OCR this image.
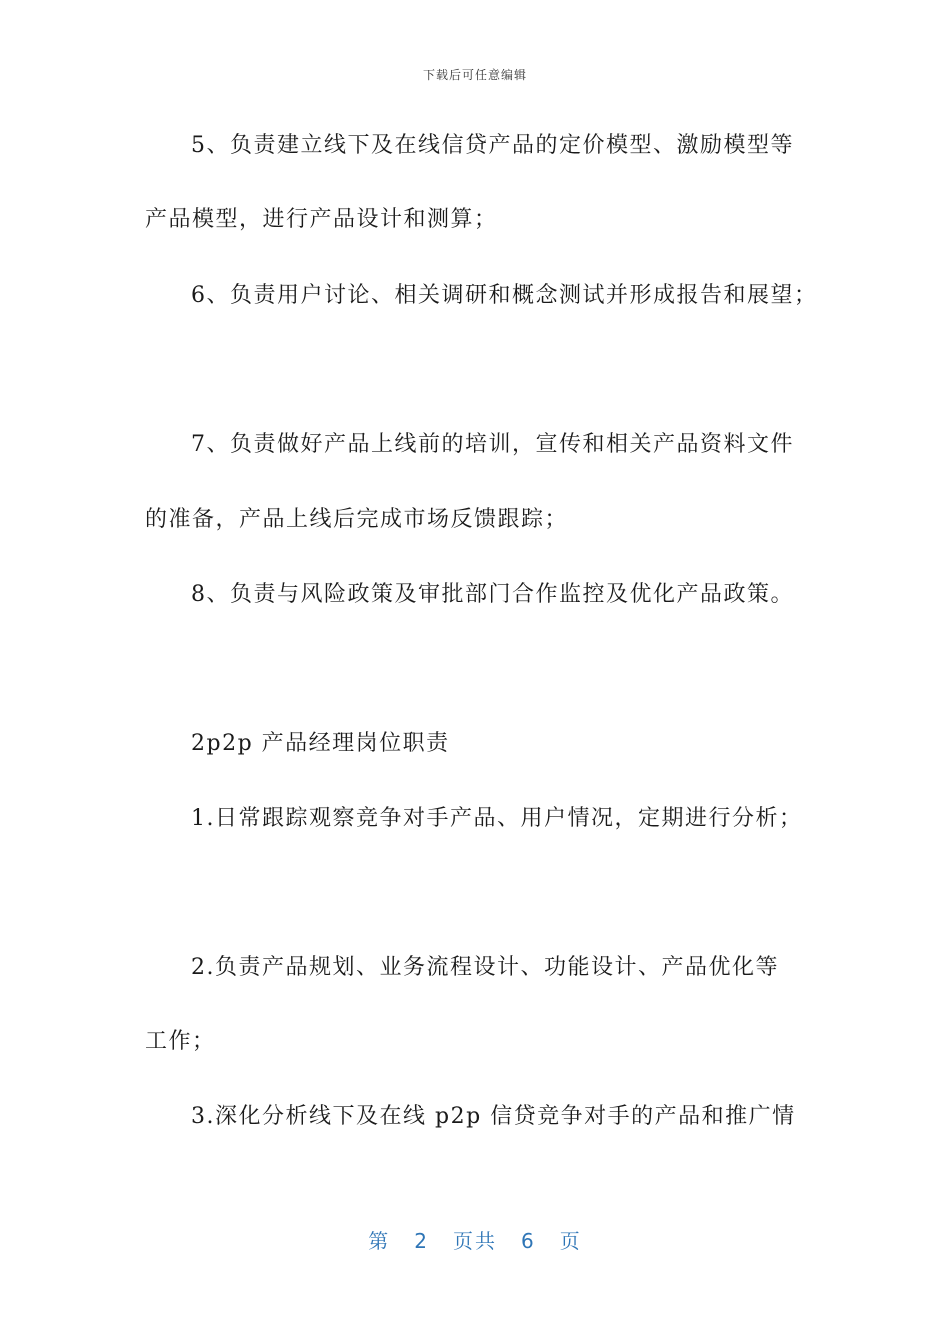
下载后可任意编辑
5、负责建立线下及在线信贷产品的定价模型、激励模型等
产品模型，进行产品设计和测算；
6、负责用户讨论、相关调研和概念测试并形成报告和展望；
7、负责做好产品上线前的培训，宣传和相关产品资料文件
的准备，产品上线后完成市场反馈跟踪；
8、负责与风险政策及审批部门合作监控及优化产品政策。
2p2p 产品经理岗位职责
1.日常跟踪观察竞争对手产品、用户情况，定期进行分析；
2.负责产品规划、业务流程设计、功能设计、产品优化等
工作；
3.深化分析线下及在线 p2p 信贷竞争对手的产品和推广情
第 2 页共 6 页
